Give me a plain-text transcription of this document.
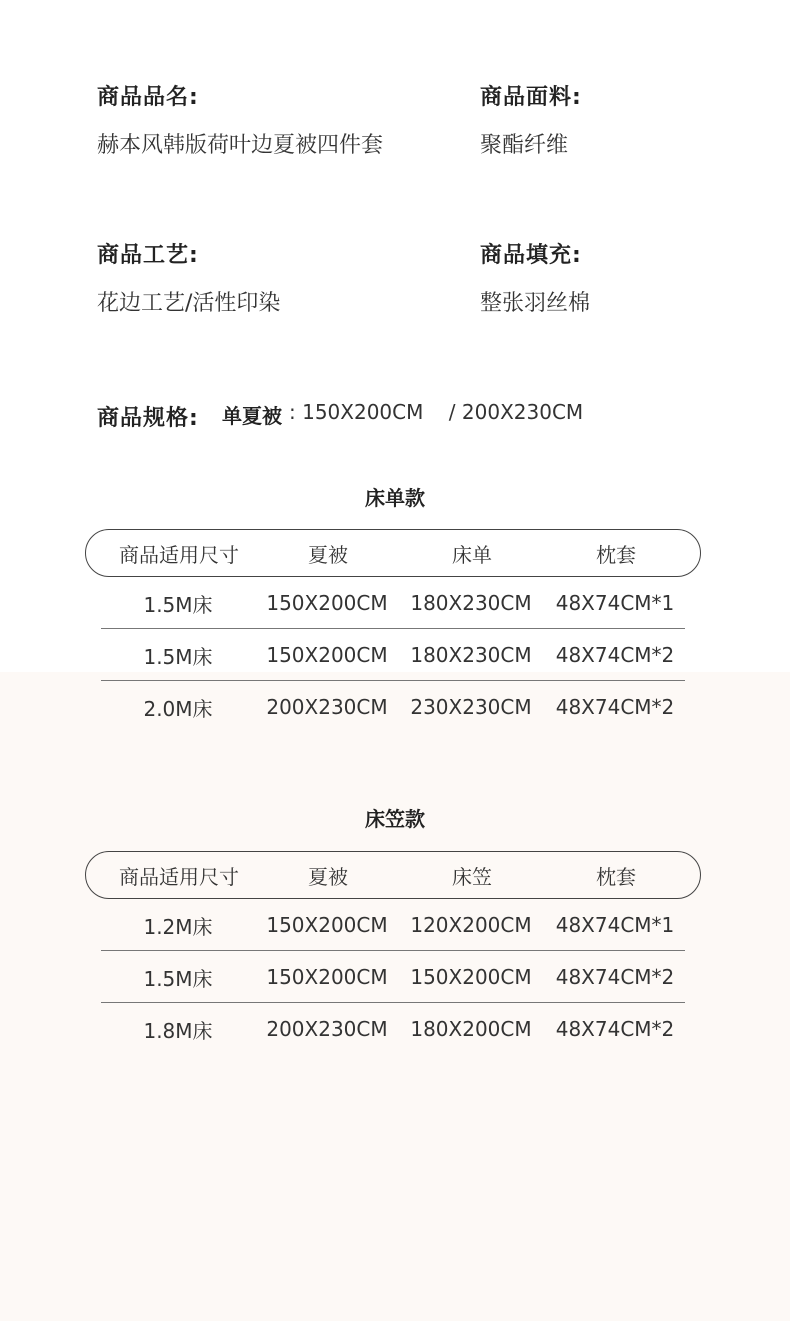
商品品名:
赫本风韩版荷叶边夏被四件套
商品面料:
聚酯纤维
商品工艺:
花边工艺/活性印染
商品填充:
整张羽丝棉
商品规格: 单夏被 : 150X200CM    / 200X230CM
床单款
商品适用尺寸	夏被	床单	枕套
1.5M床	150X200CM	180X230CM	48X74CM*1
1.5M床	150X200CM	180X230CM	48X74CM*2
2.0M床	200X230CM	230X230CM	48X74CM*2
床笠款
商品适用尺寸	夏被	床笠	枕套
1.2M床	150X200CM	120X200CM	48X74CM*1
1.5M床	150X200CM	150X200CM	48X74CM*2
1.8M床	200X230CM	180X200CM	48X74CM*2
